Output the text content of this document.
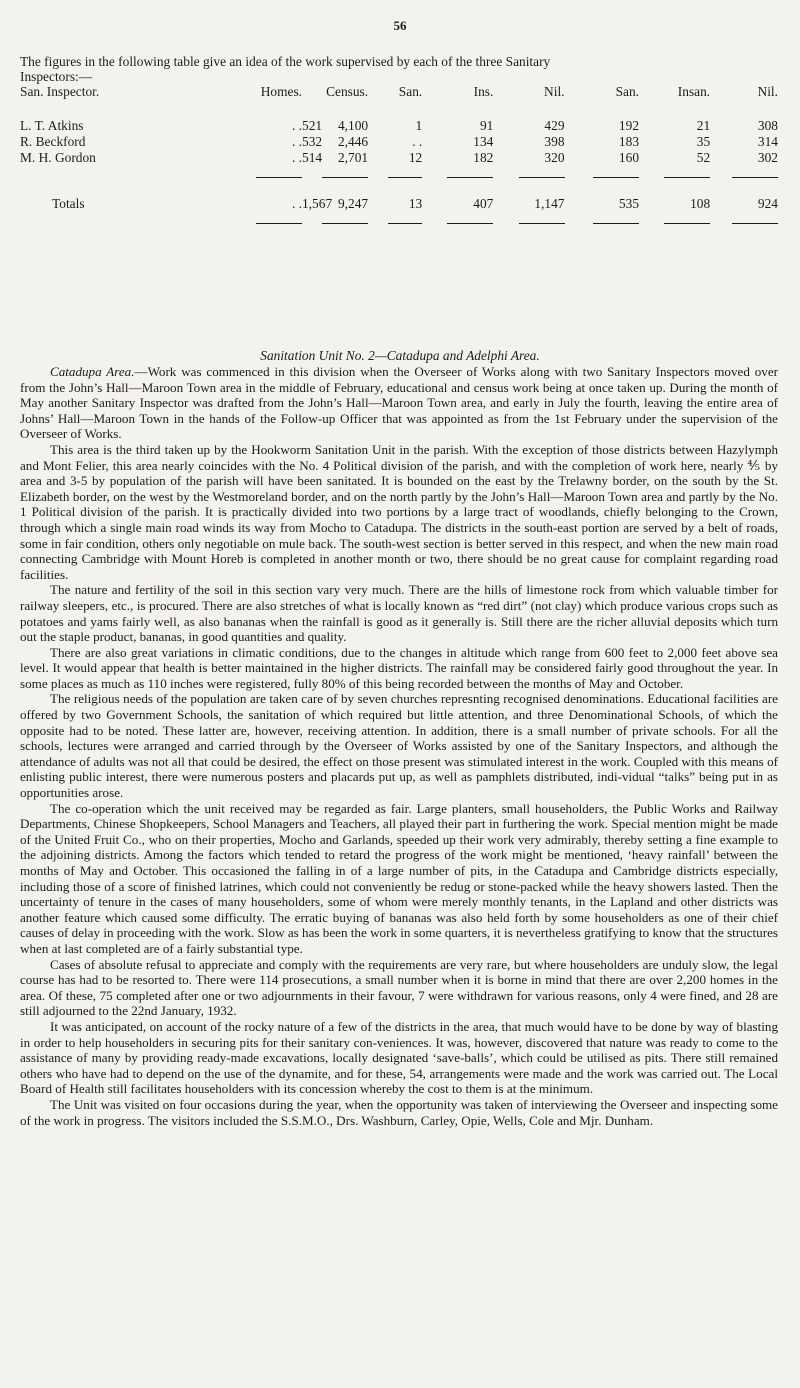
56
The figures in the following table give an idea of the work supervised by each of the three Sanitary
Inspectors:—
San. Inspector.	Homes.	Census.	San.	Ins.	Nil.	San.	Insan.	Nil.
L. T. Atkins	. . 521	4,100	1	91	429	192	21	308
R. Beckford	. . 532	2,446	. .	134	398	183	35	314
M. H. Gordon	. . 514	2,701	12	182	320	160	52	302

Totals	. . 1,567	9,247	13	407	1,147	535	108	924

Sanitation Unit No. 2—Catadupa and Adelphi Area.

Catadupa Area.—Work was commenced in this division when the Overseer of Works along with two Sanitary Inspectors moved over from the John’s Hall—Maroon Town area in the middle of February, educational and census work being at once taken up. During the month of May another Sanitary Inspector was drafted from the John’s Hall—Maroon Town area, and early in July the fourth, leaving the entire area of Johns’ Hall—Maroon Town in the hands of the Follow-up Officer that was appointed as from the 1st February under the supervision of the Overseer of Works.

This area is the third taken up by the Hookworm Sanitation Unit in the parish. With the exception of those districts between Hazylymph and Mont Felier, this area nearly coincides with the No. 4 Political division of the parish, and with the completion of work here, nearly ⅘ by area and 3-5 by population of the parish will have been sanitated. It is bounded on the east by the Trelawny border, on the south by the St. Elizabeth border, on the west by the Westmoreland border, and on the north partly by the John’s Hall—Maroon Town area and partly by the No. 1 Political division of the parish. It is practically divided into two portions by a large tract of woodlands, chiefly belonging to the Crown, through which a single main road winds its way from Mocho to Catadupa. The districts in the south-east portion are served by a belt of roads, some in fair condition, others only negotiable on mule back. The south-west section is better served in this respect, and when the new main road connecting Cambridge with Mount Horeb is completed in another month or two, there should be no great cause for complaint regarding road facilities.

The nature and fertility of the soil in this section vary very much. There are the hills of limestone rock from which valuable timber for railway sleepers, etc., is procured. There are also stretches of what is locally known as “red dirt” (not clay) which produce various crops such as potatoes and yams fairly well, as also bananas when the rainfall is good as it generally is. Still there are the richer alluvial deposits which turn out the staple product, bananas, in good quantities and quality.

There are also great variations in climatic conditions, due to the changes in altitude which range from 600 feet to 2,000 feet above sea level. It would appear that health is better maintained in the higher districts. The rainfall may be considered fairly good throughout the year. In some places as much as 110 inches were registered, fully 80% of this being recorded between the months of May and October.

The religious needs of the population are taken care of by seven churches represnting recognised denominations. Educational facilities are offered by two Government Schools, the sanitation of which required but little attention, and three Denominational Schools, of which the opposite had to be noted. These latter are, however, receiving attention. In addition, there is a small number of private schools. For all the schools, lectures were arranged and carried through by the Overseer of Works assisted by one of the Sanitary Inspectors, and although the attendance of adults was not all that could be desired, the effect on those present was stimulated interest in the work. Coupled with this means of enlisting public interest, there were numerous posters and placards put up, as well as pamphlets distributed, indi-vidual “talks” being put in as opportunities arose.

The co-operation which the unit received may be regarded as fair. Large planters, small householders, the Public Works and Railway Departments, Chinese Shopkeepers, School Managers and Teachers, all played their part in furthering the work. Special mention might be made of the United Fruit Co., who on their properties, Mocho and Garlands, speeded up their work very admirably, thereby setting a fine example to the adjoining districts. Among the factors which tended to retard the progress of the work might be mentioned, ‘heavy rainfall’ between the months of May and October. This occasioned the falling in of a large number of pits, in the Catadupa and Cambridge districts especially, including those of a score of finished latrines, which could not conveniently be redug or stone-packed while the heavy showers lasted. Then the uncertainty of tenure in the cases of many householders, some of whom were merely monthly tenants, in the Lapland and other districts was another feature which caused some difficulty. The erratic buying of bananas was also held forth by some householders as one of their chief causes of delay in proceeding with the work. Slow as has been the work in some quarters, it is nevertheless gratifying to know that the structures when at last completed are of a fairly substantial type.

Cases of absolute refusal to appreciate and comply with the requirements are very rare, but where householders are unduly slow, the legal course has had to be resorted to. There were 114 prosecutions, a small number when it is borne in mind that there are over 2,200 homes in the area. Of these, 75 completed after one or two adjournments in their favour, 7 were withdrawn for various reasons, only 4 were fined, and 28 are still adjourned to the 22nd January, 1932.

It was anticipated, on account of the rocky nature of a few of the districts in the area, that much would have to be done by way of blasting in order to help householders in securing pits for their sanitary con-veniences. It was, however, discovered that nature was ready to come to the assistance of many by providing ready-made excavations, locally designated ‘save-balls’, which could be utilised as pits. There still remained others who have had to depend on the use of the dynamite, and for these, 54, arrangements were made and the work was carried out. The Local Board of Health still facilitates householders with its concession whereby the cost to them is at the minimum.

The Unit was visited on four occasions during the year, when the opportunity was taken of interviewing the Overseer and inspecting some of the work in progress. The visitors included the S.S.M.O., Drs. Washburn, Carley, Opie, Wells, Cole and Mjr. Dunham.
